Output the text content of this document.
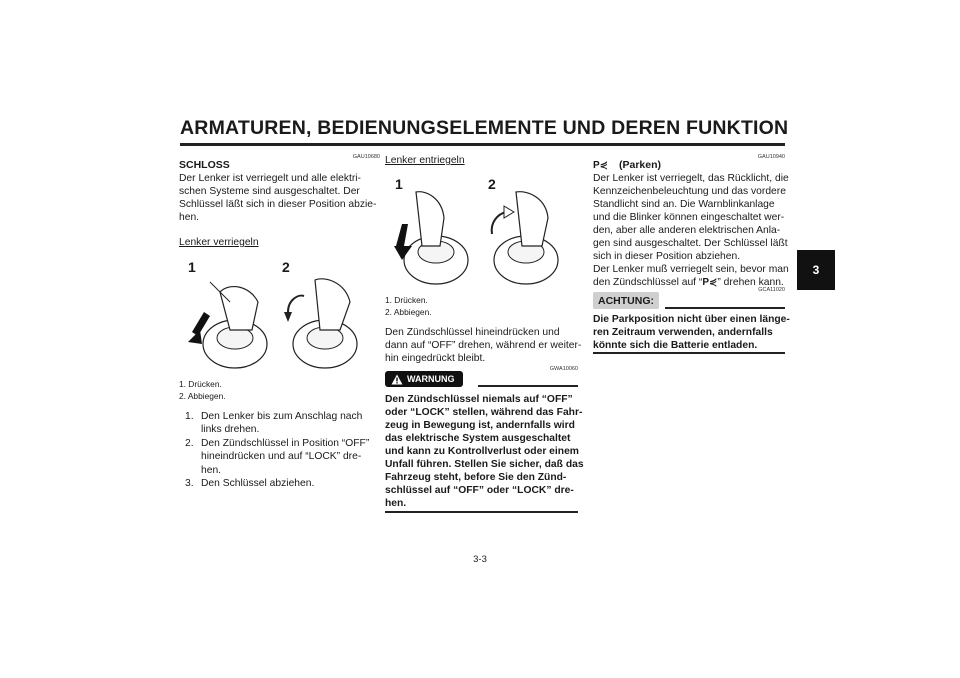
ARMATUREN, BEDIENUNGSELEMENTE UND DEREN FUNKTION
3
GAU10680
SCHLOSS
Der Lenker ist verriegelt und alle elektri-
schen Systeme sind ausgeschaltet. Der
Schlüssel läßt sich in dieser Position abzie-
hen.
Lenker verriegeln
1	2
1. Drücken.
2. Abbiegen.
1. Den Lenker bis zum Anschlag nach
links drehen.
2. Den Zündschlüssel in Position “OFF”
hineindrücken und auf “LOCK” dre-
hen.
3. Den Schlüssel abziehen.
Lenker entriegeln
1	2
1. Drücken.
2. Abbiegen.
Den Zündschlüssel hineindrücken und
dann auf “OFF” drehen, während er weiter-
hin eingedrückt bleibt.
GWA10060
WARNUNG
Den Zündschlüssel niemals auf “OFF”
oder “LOCK” stellen, während das Fahr-
zeug in Bewegung ist, andernfalls wird
das elektrische System ausgeschaltet
und kann zu Kontrollverlust oder einem
Unfall führen. Stellen Sie sicher, daß das
Fahrzeug steht, before Sie den Zünd-
schlüssel auf “OFF” oder “LOCK” dre-
hen.
GAU10940
P⋞ (Parken)
Der Lenker ist verriegelt, das Rücklicht, die
Kennzeichenbeleuchtung und das vordere
Standlicht sind an. Die Warnblinkanlage
und die Blinker können eingeschaltet wer-
den, aber alle anderen elektrischen Anla-
gen sind ausgeschaltet. Der Schlüssel läßt
sich in dieser Position abziehen.
Der Lenker muß verriegelt sein, bevor man
den Zündschlüssel auf “P⋞” drehen kann.
GCA11020
ACHTUNG:
Die Parkposition nicht über einen länge-
ren Zeitraum verwenden, andernfalls
könnte sich die Batterie entladen.
3-3
